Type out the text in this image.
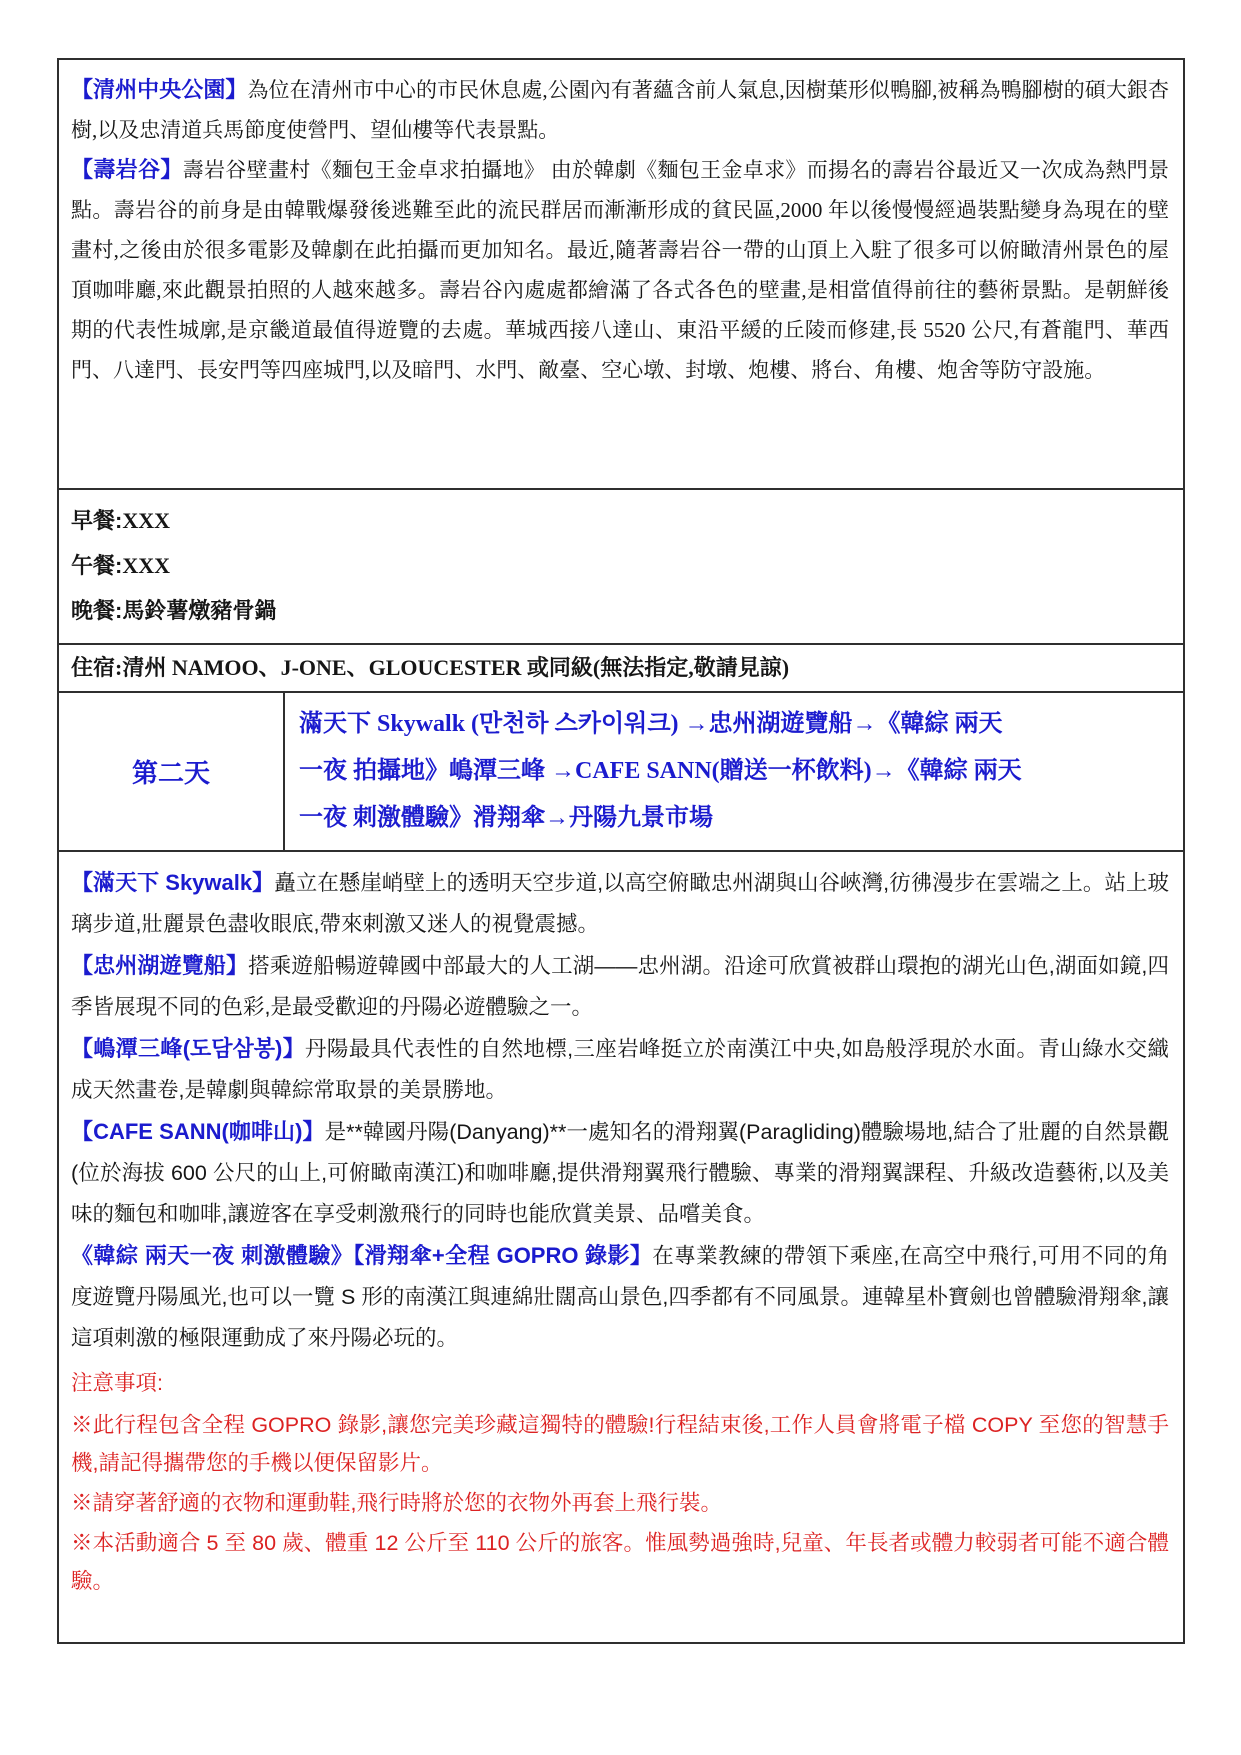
【清州中央公園】為位在清州市中心的市民休息處,公園內有著蘊含前人氣息,因樹葉形似鴨腳,被稱為鴨腳樹的碩大銀杏樹,以及忠清道兵馬節度使營門、望仙樓等代表景點。

【壽岩谷】壽岩谷壁畫村《麵包王金卓求拍攝地》 由於韓劇《麵包王金卓求》而揚名的壽岩谷最近又一次成為熱門景點。壽岩谷的前身是由韓戰爆發後逃難至此的流民群居而漸漸形成的貧民區,2000 年以後慢慢經過裝點變身為現在的壁畫村,之後由於很多電影及韓劇在此拍攝而更加知名。最近,隨著壽岩谷一帶的山頂上入駐了很多可以俯瞰清州景色的屋頂咖啡廳,來此觀景拍照的人越來越多。壽岩谷內處處都繪滿了各式各色的壁畫,是相當值得前往的藝術景點。是朝鮮後期的代表性城廓,是京畿道最值得遊覽的去處。華城西接八達山、東沿平緩的丘陵而修建,長 5520 公尺,有蒼龍門、華西門、八達門、長安門等四座城門,以及暗門、水門、敵臺、空心墩、封墩、炮樓、將台、角樓、炮舍等防守設施。

早餐:XXX

午餐:XXX

晚餐:馬鈴薯燉豬骨鍋

住宿:清州 NAMOO、J-ONE、GLOUCESTER 或同級(無法指定,敬請見諒)

第二天
滿天下 Skywalk (만천하 스카이워크) →忠州湖遊覽船→《韓綜 兩天
一夜 拍攝地》嶋潭三峰 →CAFE SANN(贈送一杯飲料)→《韓綜 兩天
一夜 刺激體驗》滑翔傘→丹陽九景市場

【滿天下 Skywalk】矗立在懸崖峭壁上的透明天空步道,以高空俯瞰忠州湖與山谷峽灣,彷彿漫步在雲端之上。站上玻璃步道,壯麗景色盡收眼底,帶來刺激又迷人的視覺震撼。

【忠州湖遊覽船】搭乘遊船暢遊韓國中部最大的人工湖——忠州湖。沿途可欣賞被群山環抱的湖光山色,湖面如鏡,四季皆展現不同的色彩,是最受歡迎的丹陽必遊體驗之一。

【嶋潭三峰(도담삼봉)】丹陽最具代表性的自然地標,三座岩峰挺立於南漢江中央,如島般浮現於水面。青山綠水交織成天然畫卷,是韓劇與韓綜常取景的美景勝地。

【CAFE SANN(咖啡山)】是**韓國丹陽(Danyang)**一處知名的滑翔翼(Paragliding)體驗場地,結合了壯麗的自然景觀(位於海拔 600 公尺的山上,可俯瞰南漢江)和咖啡廳,提供滑翔翼飛行體驗、專業的滑翔翼課程、升級改造藝術,以及美味的麵包和咖啡,讓遊客在享受刺激飛行的同時也能欣賞美景、品嚐美食。

《韓綜 兩天一夜 刺激體驗》【滑翔傘+全程 GOPRO 錄影】在專業教練的帶領下乘座,在高空中飛行,可用不同的角度遊覽丹陽風光,也可以一覽 S 形的南漢江與連綿壯闊高山景色,四季都有不同風景。連韓星朴寶劍也曾體驗滑翔傘,讓這項刺激的極限運動成了來丹陽必玩的。

注意事項:

※此行程包含全程 GOPRO 錄影,讓您完美珍藏這獨特的體驗!行程結束後,工作人員會將電子檔 COPY 至您的智慧手機,請記得攜帶您的手機以便保留影片。

※請穿著舒適的衣物和運動鞋,飛行時將於您的衣物外再套上飛行裝。

※本活動適合 5 至 80 歲、體重 12 公斤至 110 公斤的旅客。惟風勢過強時,兒童、年長者或體力較弱者可能不適合體驗。
